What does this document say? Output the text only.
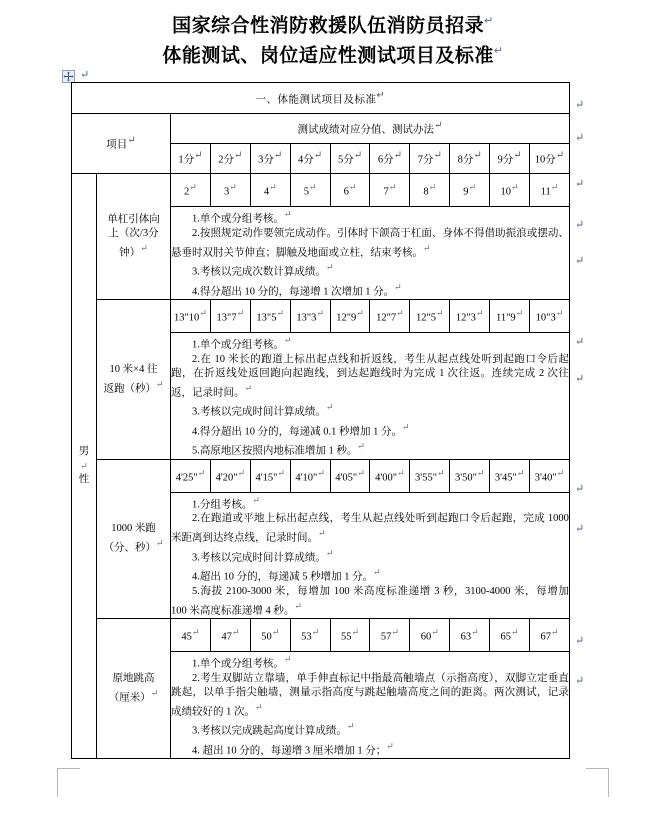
国家综合性消防救援队伍消防员招录↵
体能测试、岗位适应性测试项目及标准↵
↵
↵
↵
↵
↵
↵
↵
↵
↵
↵
↵
↵
一、体能测试项目及标准↵											
项目↵		测试成绩对应分值、测试办法↵									
		1分↵	2分↵	3分↵	4分↵	5分↵	6分↵	7分↵	8分↵	9分↵	10分↵

男
↵
性	单杠引体向
上（次/3分
钟）↵	2↵	3↵	4↵	5↵	6↵	7↵	8↵	9↵	10↵	11↵

		1.单个或分组考核。↵

2.按照规定动作要领完成动作。引体时下颌高于杠面、身体不得借助振浪或摆动、悬垂时双肘关节伸直；脚触及地面或立柱，结束考核。↵

3.考核以完成次数计算成绩。↵

4.得分超出 10 分的，每递增 1 次增加 1 分。↵									

	10 米×4 往
返跑（秒）↵	13"10↵	13"7↵	13"5↵	13"3↵	12"9↵	12"7↵	12"5↵	12"3↵	11"9↵	10"3↵

		1.单个或分组考核。↵

2.在 10 米长的跑道上标出起点线和折返线，考生从起点线处听到起跑口令后起跑，在折返线处返回跑向起跑线，到达起跑线时为完成 1 次往返。连续完成 2 次往返，记录时间。↵

3.考核以完成时间计算成绩。↵

4.得分超出 10 分的，每递减 0.1 秒增加 1 分。↵

5.高原地区按照内地标准增加 1 秒。↵									

	1000 米跑
（分、秒）↵	4'25"↵	4'20"↵	4'15"↵	4'10"↵	4'05"↵	4'00"↵	3'55"↵	3'50"↵	3'45"↵	3'40"↵

		1.分组考核。↵

2.在跑道或平地上标出起点线，考生从起点线处听到起跑口令后起跑，完成 1000 米距离到达终点线，记录时间。↵

3.考核以完成时间计算成绩。↵

4.超出 10 分的，每递减 5 秒增加 1 分。↵

5.海拔 2100-3000 米，每增加 100 米高度标准递增 3 秒，3100-4000 米，每增加 100 米高度标准递增 4 秒。↵									

	原地跳高
（厘米）↵	45↵	47↵	50↵	53↵	55↵	57↵	60↵	63↵	65↵	67↵

		1.单个或分组考核。↵

2.考生双脚站立靠墙，单手伸直标记中指最高触墙点（示指高度），双脚立定垂直跳起，以单手指尖触墙，测量示指高度与跳起触墙高度之间的距离。两次测试，记录成绩较好的 1 次。↵

3.考核以完成跳起高度计算成绩。↵

4. 超出 10 分的，每递增 3 厘米增加 1 分；↵									
